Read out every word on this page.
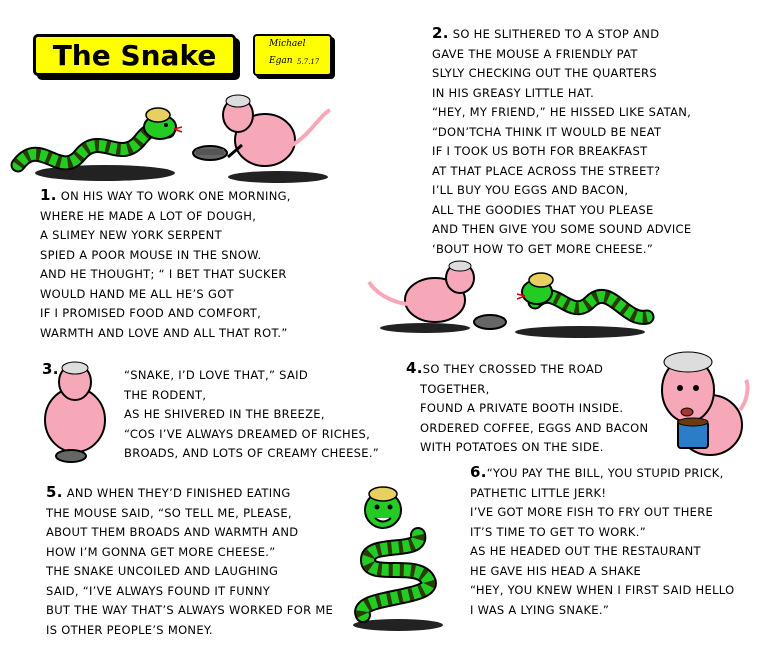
The Snake	Michael
Egan 5.7.17
1. ON HIS WAY TO WORK ONE MORNING,
WHERE HE MADE A LOT OF DOUGH,
A SLIMEY NEW YORK SERPENT
SPIED A POOR MOUSE IN THE SNOW.
AND HE THOUGHT; “ I BET THAT SUCKER
WOULD HAND ME ALL HE’S GOT
IF I PROMISED FOOD AND COMFORT,
WARMTH AND LOVE AND ALL THAT ROT.”
2. SO HE SLITHERED TO A STOP AND
GAVE THE MOUSE A FRIENDLY PAT
SLYLY CHECKING OUT THE QUARTERS
IN HIS GREASY LITTLE HAT.
“HEY, MY FRIEND,” HE HISSED LIKE SATAN,
“DON’TCHA THINK IT WOULD BE NEAT
IF I TOOK US BOTH FOR BREAKFAST
AT THAT PLACE ACROSS THE STREET?
I’LL BUY YOU EGGS AND BACON,
ALL THE GOODIES THAT YOU PLEASE
AND THEN GIVE YOU SOME SOUND ADVICE
‘BOUT HOW TO GET MORE CHEESE.”
3.	“SNAKE, I’D LOVE THAT,” SAID
THE RODENT,
AS HE SHIVERED IN THE BREEZE,
“COS I’VE ALWAYS DREAMED OF RICHES,
BROADS, AND LOTS OF CREAMY CHEESE.”
4.SO THEY CROSSED THE ROAD
TOGETHER,
FOUND A PRIVATE BOOTH INSIDE.
ORDERED COFFEE, EGGS AND BACON
WITH POTATOES ON THE SIDE.
5. AND WHEN THEY’D FINISHED EATING
THE MOUSE SAID, “SO TELL ME, PLEASE,
ABOUT THEM BROADS AND WARMTH AND
HOW I’M GONNA GET MORE CHEESE.”
THE SNAKE UNCOILED AND LAUGHING
SAID, “I’VE ALWAYS FOUND IT FUNNY
BUT THE WAY THAT’S ALWAYS WORKED FOR ME
IS OTHER PEOPLE’S MONEY.
6.“YOU PAY THE BILL, YOU STUPID PRICK,
PATHETIC LITTLE JERK!
I’VE GOT MORE FISH TO FRY OUT THERE
IT’S TIME TO GET TO WORK.”
AS HE HEADED OUT THE RESTAURANT
HE GAVE HIS HEAD A SHAKE
“HEY, YOU KNEW WHEN I FIRST SAID HELLO
I WAS A LYING SNAKE.”
